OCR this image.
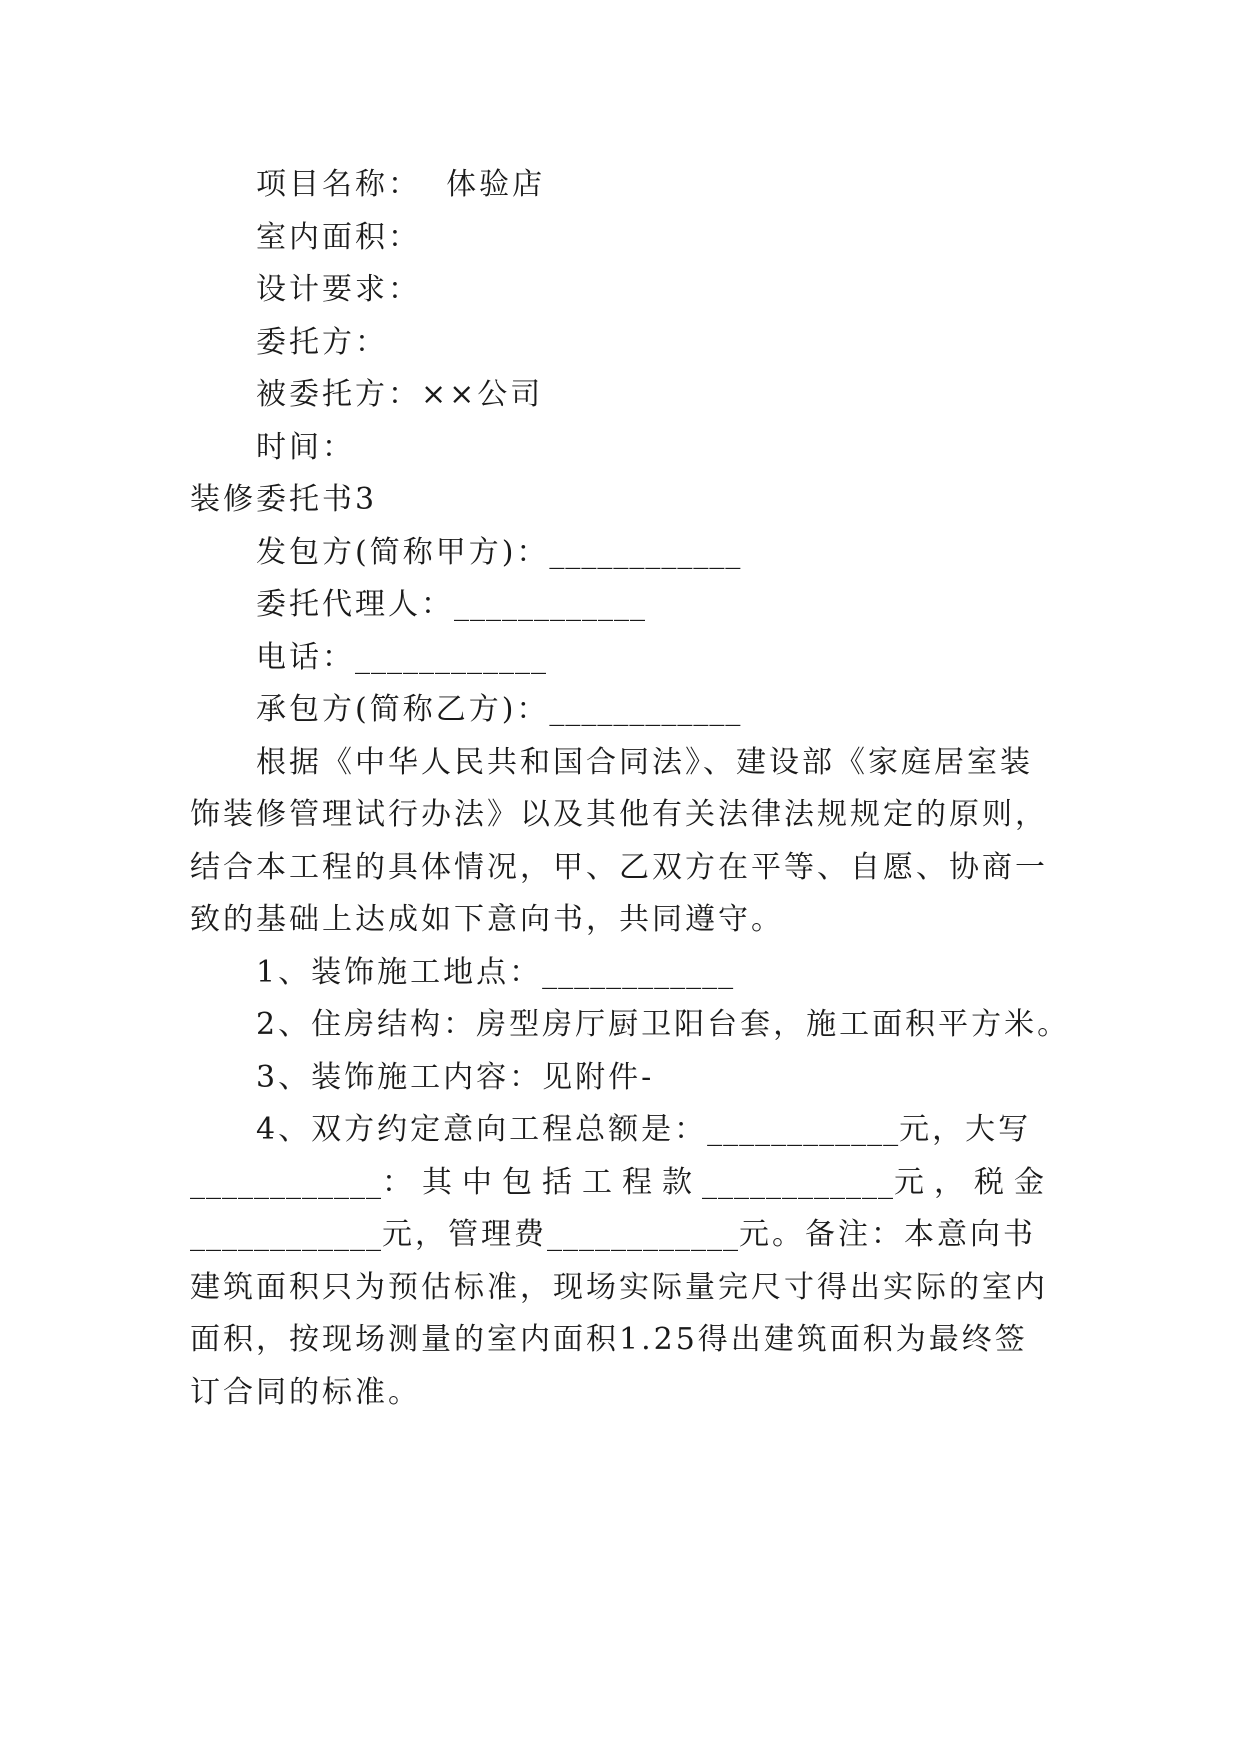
项目名称： 体验店
室内面积：
设计要求：
委托方：
被委托方：××公司
时间：
装修委托书3
发包方(简称甲方)：____________
委托代理人：____________
电话：____________
承包方(简称乙方)：____________
根据《中华人民共和国合同法》、建设部《家庭居室装
饰装修管理试行办法》以及其他有关法律法规规定的原则，
结合本工程的具体情况，甲、乙双方在平等、自愿、协商一
致的基础上达成如下意向书，共同遵守。
1、装饰施工地点：____________
2、住房结构：房型房厅厨卫阳台套，施工面积平方米。
3、装饰施工内容：见附件-
4、双方约定意向工程总额是：____________元，大写
____________ ：其中包括工程款 ____________ 元，税金
____________元，管理费____________元。备注：本意向书
建筑面积只为预估标准，现场实际量完尺寸得出实际的室内
面积，按现场测量的室内面积1.25得出建筑面积为最终签
订合同的标准。
